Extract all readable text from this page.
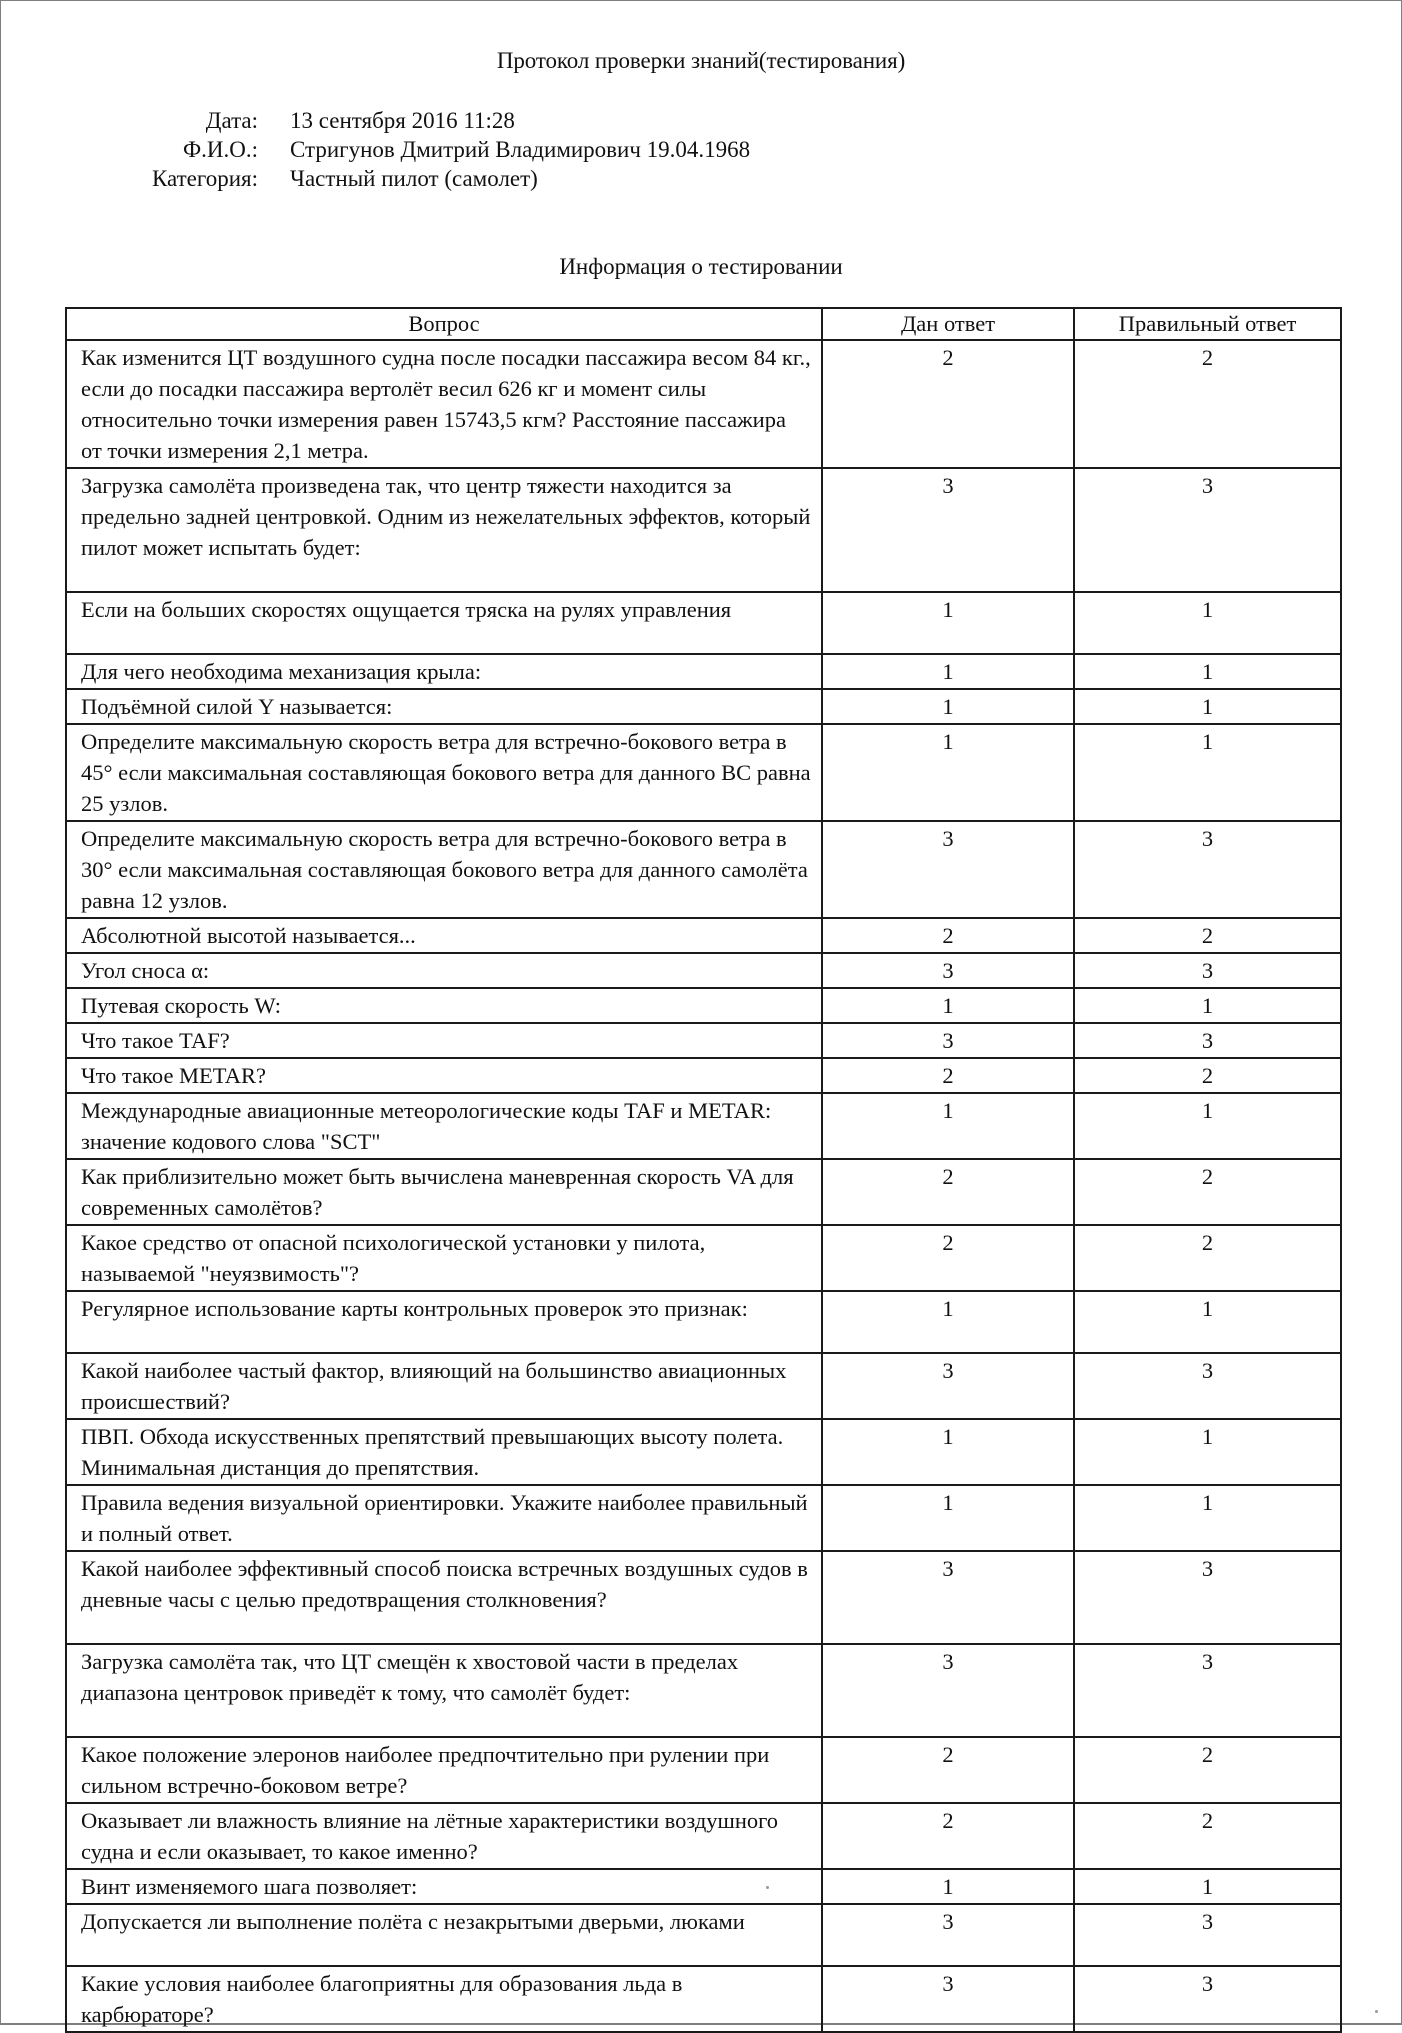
Протокол проверки знаний(тестирования)
Дата: 13 сентября 2016 11:28
Ф.И.О.: Стригунов Дмитрий Владимирович 19.04.1968
Категория: Частный пилот (самолет)
Информация о тестировании
Вопрос	Дан ответ	Правильный ответ
Как изменится ЦТ воздушного судна после посадки пассажира весом 84 кг., если до посадки пассажира вертолёт весил 626 кг и момент силы относительно точки измерения равен 15743,5 кгм? Расстояние пассажира от точки измерения 2,1 метра.	2	2
Загрузка самолёта произведена так, что центр тяжести находится за предельно задней центровкой. Одним из нежелательных эффектов, который пилот может испытать будет:	3	3
Если на больших скоростях ощущается тряска на рулях управления	1	1
Для чего необходима механизация крыла:	1	1
Подъёмной силой Y называется:	1	1
Определите максимальную скорость ветра для встречно-бокового ветра в 45° если максимальная составляющая бокового ветра для данного ВС равна 25 узлов.	1	1
Определите максимальную скорость ветра для встречно-бокового ветра в 30° если максимальная составляющая бокового ветра для данного самолёта равна 12 узлов.	3	3
Абсолютной высотой называется...	2	2
Угол сноса α:	3	3
Путевая скорость W:	1	1
Что такое TAF?	3	3
Что такое METAR?	2	2
Международные авиационные метеорологические коды TAF и METAR: значение кодового слова "SCT"	1	1
Как приблизительно может быть вычислена маневренная скорость VA для современных самолётов?	2	2
Какое средство от опасной психологической установки у пилота, называемой "неуязвимость"?	2	2
Регулярное использование карты контрольных проверок это признак:	1	1
Какой наиболее частый фактор, влияющий на большинство авиационных происшествий?	3	3
ПВП. Обхода искусственных препятствий превышающих высоту полета. Минимальная дистанция до препятствия.	1	1
Правила ведения визуальной ориентировки. Укажите наиболее правильный и полный ответ.	1	1
Какой наиболее эффективный способ поиска встречных воздушных судов в дневные часы с целью предотвращения столкновения?	3	3
Загрузка самолёта так, что ЦТ смещён к хвостовой части в пределах диапазона центровок приведёт к тому, что самолёт будет:	3	3
Какое положение элеронов наиболее предпочтительно при рулении при сильном встречно-боковом ветре?	2	2
Оказывает ли влажность влияние на лётные характеристики воздушного судна и если оказывает, то какое именно?	2	2
Винт изменяемого шага позволяет:	1	1
Допускается ли выполнение полёта с незакрытыми дверьми, люками	3	3
Какие условия наиболее благоприятны для образования льда в карбюраторе?	3	3
